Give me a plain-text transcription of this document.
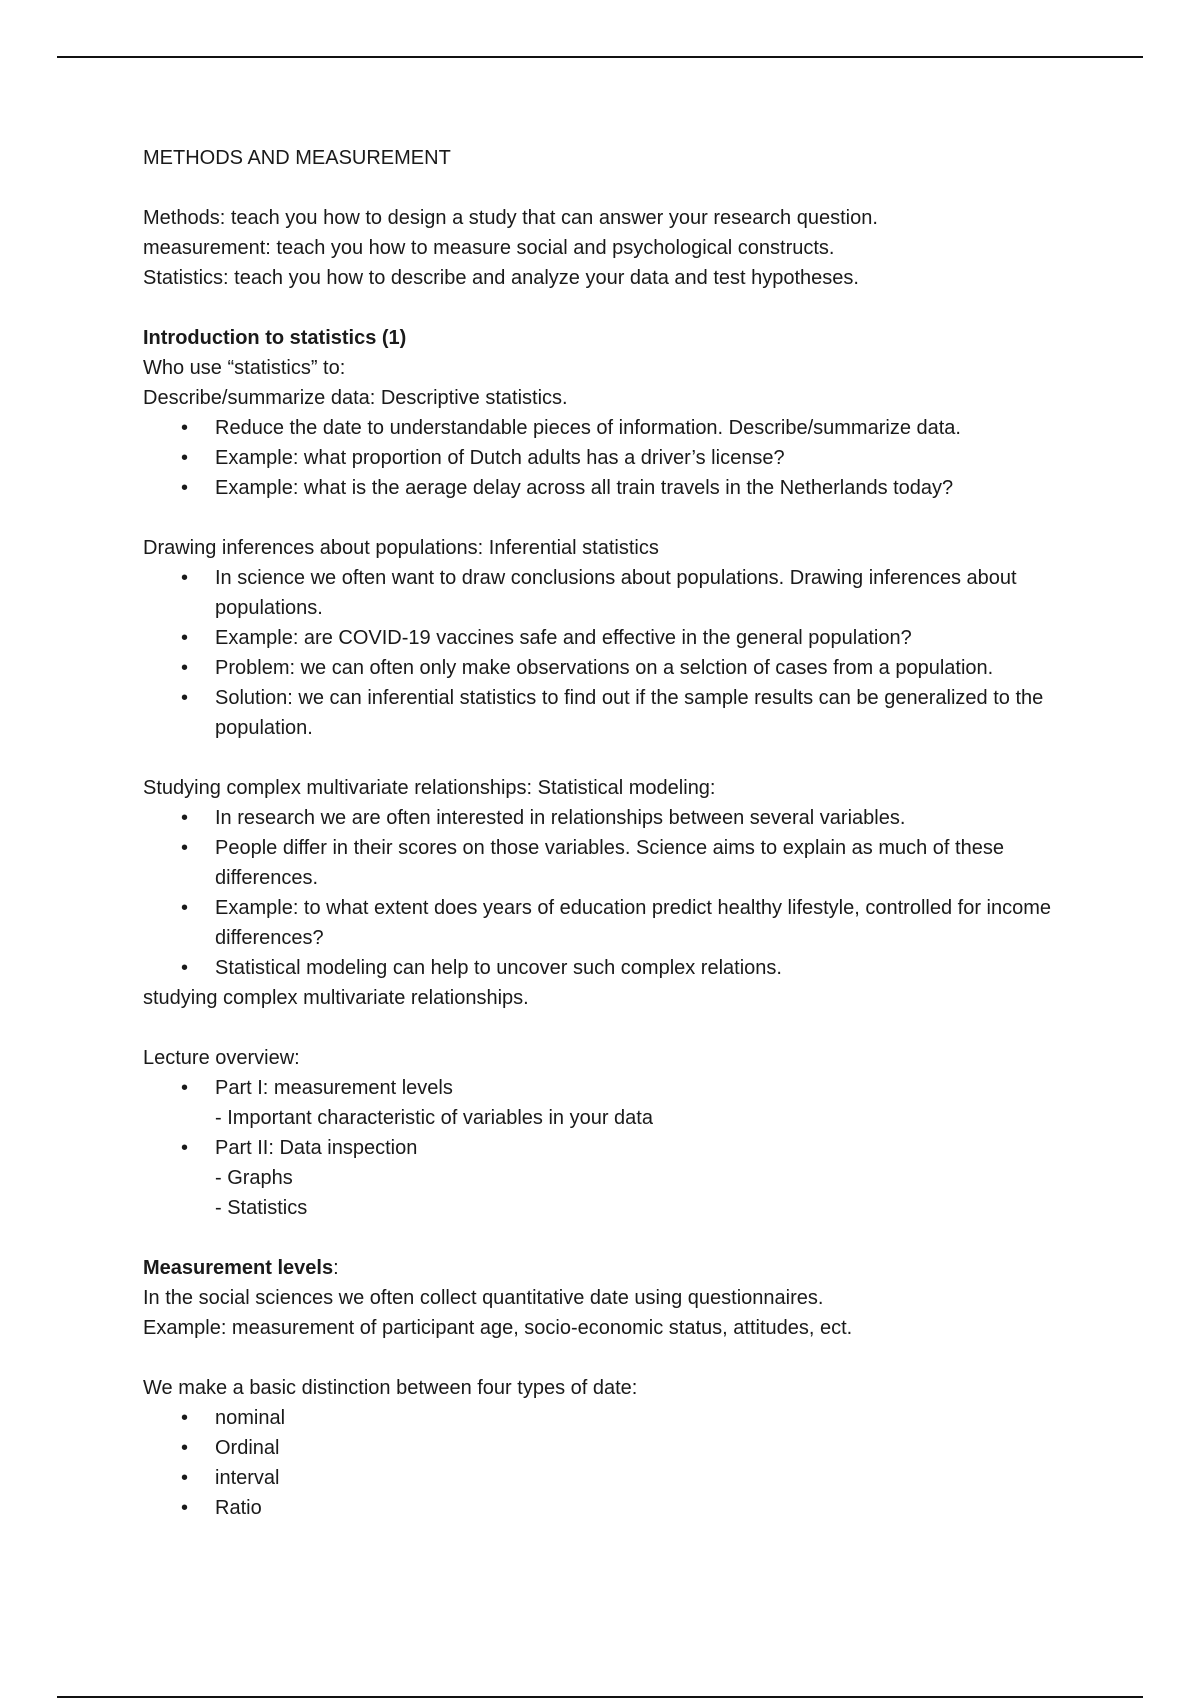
METHODS AND MEASUREMENT

Methods: teach you how to design a study that can answer your research question.

measurement: teach you how to measure social and psychological constructs.

Statistics: teach you how to describe and analyze your data and test hypotheses.

Introduction to statistics (1)

Who use “statistics” to:

Describe/summarize data: Descriptive statistics.

• Reduce the date to understandable pieces of information. Describe/summarize data.
• Example: what proportion of Dutch adults has a driver’s license?
• Example: what is the aerage delay across all train travels in the Netherlands today?

Drawing inferences about populations: Inferential statistics

• In science we often want to draw conclusions about populations. Drawing inferences about populations.
• Example: are COVID-19 vaccines safe and effective in the general population?
• Problem: we can often only make observations on a selction of cases from a population.
• Solution: we can inferential statistics to find out if the sample results can be generalized to the population.

Studying complex multivariate relationships: Statistical modeling:

• In research we are often interested in relationships between several variables.
• People differ in their scores on those variables. Science aims to explain as much of these differences.
• Example: to what extent does years of education predict healthy lifestyle, controlled for income differences?
• Statistical modeling can help to uncover such complex relations.

studying complex multivariate relationships.

Lecture overview:

• Part I: measurement levels
- Important characteristic of variables in your data
• Part II: Data inspection
- Graphs
- Statistics

Measurement levels:

In the social sciences we often collect quantitative date using questionnaires.

Example: measurement of participant age, socio-economic status, attitudes, ect.

We make a basic distinction between four types of date:

• nominal
• Ordinal
• interval
• Ratio
